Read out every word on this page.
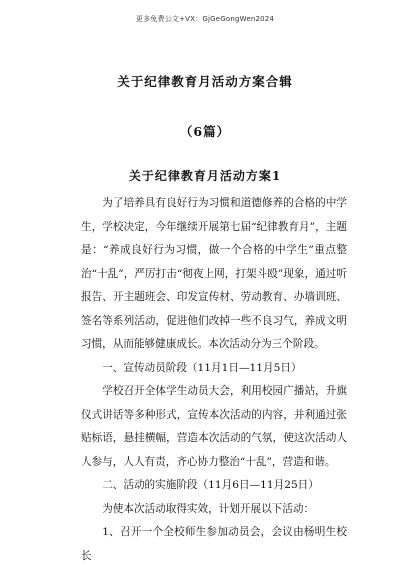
更多免费公文+VX：GjGeGongWen2024
关于纪律教育月活动方案合辑
（6篇）
关于纪律教育月活动方案1

为了培养具有良好行为习惯和道德修养的合格的中学生，学校决定，今年继续开展第七届“纪律教育月”，主题是：“养成良好行为习惯，做一个合格的中学生”重点整治“十乱”，严厉打击“彻夜上网，打架斗殴”现象，通过听报告、开主题班会、印发宣传材、劳动教育、办墙训班、签名等系列活动，促进他们改掉一些不良习气，养成文明习惯，从而能够健康成长。本次活动分为三个阶段。

一、宣传动员阶段（11月1日—11月5日）

学校召开全体学生动员大会，利用校园广播站，升旗仪式讲话等多种形式，宣传本次活动的内容，并利通过张贴标语，悬挂横幅，营造本次活动的气氛，使这次活动人人参与，人人有责，齐心协力整治“十乱”，营造和谐。

二、活动的实施阶段（11月6日—11月25日）

为使本次活动取得实效，计划开展以下活动：

1、召开一个全校师生参加动员会，会议由杨明生校长
